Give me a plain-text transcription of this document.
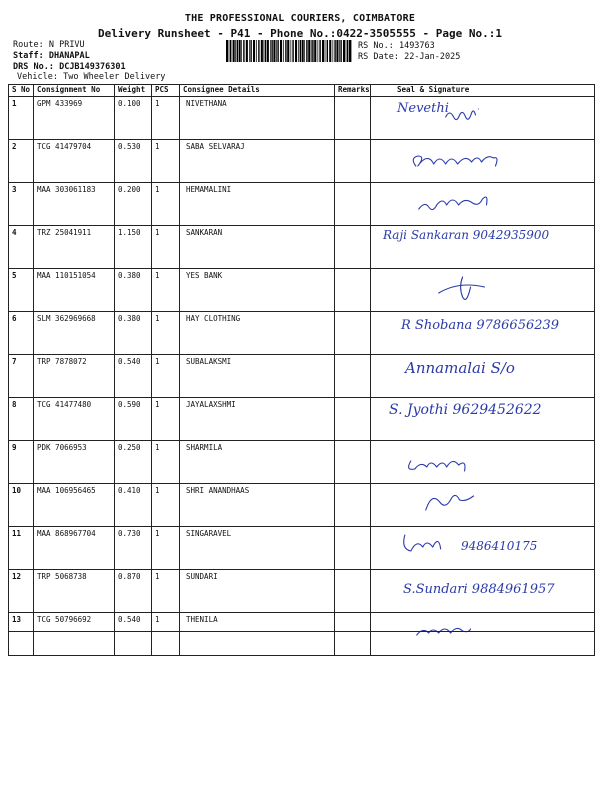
THE PROFESSIONAL COURIERS, COIMBATORE
Delivery Runsheet - P41 - Phone No.:0422-3505555 - Page No.:1
Route: N PRIVU
Staff: DHANAPAL
DRS No.: DCJB149376301
Vehicle: Two Wheeler Delivery
RS No.: 1493763
RS Date: 22-Jan-2025
S No	Consignment No	Weight	PCS	Consignee Details	Remarks	Seal & Signature
1	GPM 433969	0.100	1	NIVETHANA		Nevethi

2	TCG 41479704	0.530	1	SABA SELVARAJ		

3	MAA 303061183	0.200	1	HEMAMALINI		

4	TRZ 25041911	1.150	1	SANKARAN		Raji Sankaran 9042935900

5	MAA 110151054	0.380	1	YES BANK		

6	SLM 362969668	0.380	1	HAY CLOTHING		R Shobana 9786656239

7	TRP 7878072	0.540	1	SUBALAKSMI		Annamalai S/o

8	TCG 41477480	0.590	1	JAYALAXSHMI		S. Jyothi 9629452622

9	PDK 7066953	0.250	1	SHARMILA		

10	MAA 106956465	0.410	1	SHRI ANANDHAAS		

11	MAA 868967704	0.730	1	SINGARAVEL		9486410175

12	TRP 5068738	0.870	1	SUNDARI		S.Sundari 9884961957

13	TCG 50796692	0.540	1	THENILA		
